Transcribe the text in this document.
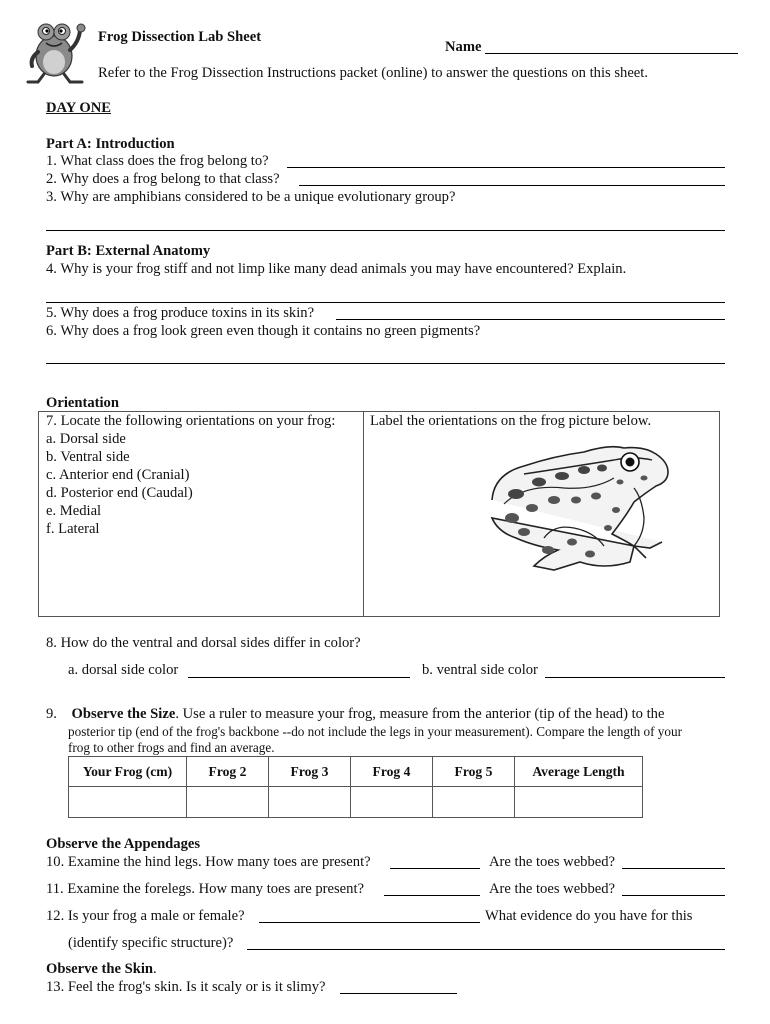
Frog Dissection Lab Sheet
Name
Refer to the Frog Dissection Instructions packet (online) to answer the questions on this sheet.
DAY ONE
Part A: Introduction
1. What class does the frog belong to?
2. Why does a frog belong to that class?
3. Why are amphibians considered to be a unique evolutionary group?
Part B: External Anatomy
4. Why is your frog stiff and not limp like many dead animals you may have encountered? Explain.
5. Why does a frog produce toxins in its skin?
6. Why does a frog look green even though it contains no green pigments?
Orientation
7. Locate the following orientations on your frog:
a. Dorsal side
b. Ventral side
c. Anterior end (Cranial)
d. Posterior end (Caudal)
e. Medial
f. Lateral
Label the orientations on the frog picture below.
8. How do the ventral and dorsal sides differ in color?
a. dorsal side color	b. ventral side color
9. Observe the Size. Use a ruler to measure your frog, measure from the anterior (tip of the head) to the
posterior tip (end of the frog's backbone --do not include the legs in your measurement). Compare the length of your
frog to other frogs and find an average.
Your Frog (cm)	Frog 2	Frog 3	Frog 4	Frog 5	Average Length

Observe the Appendages
10. Examine the hind legs. How many toes are present?	Are the toes webbed?
11. Examine the forelegs. How many toes are present?	Are the toes webbed?
12. Is your frog a male or female?	What evidence do you have for this
(identify specific structure)?
Observe the Skin.
13. Feel the frog's skin. Is it scaly or is it slimy?
